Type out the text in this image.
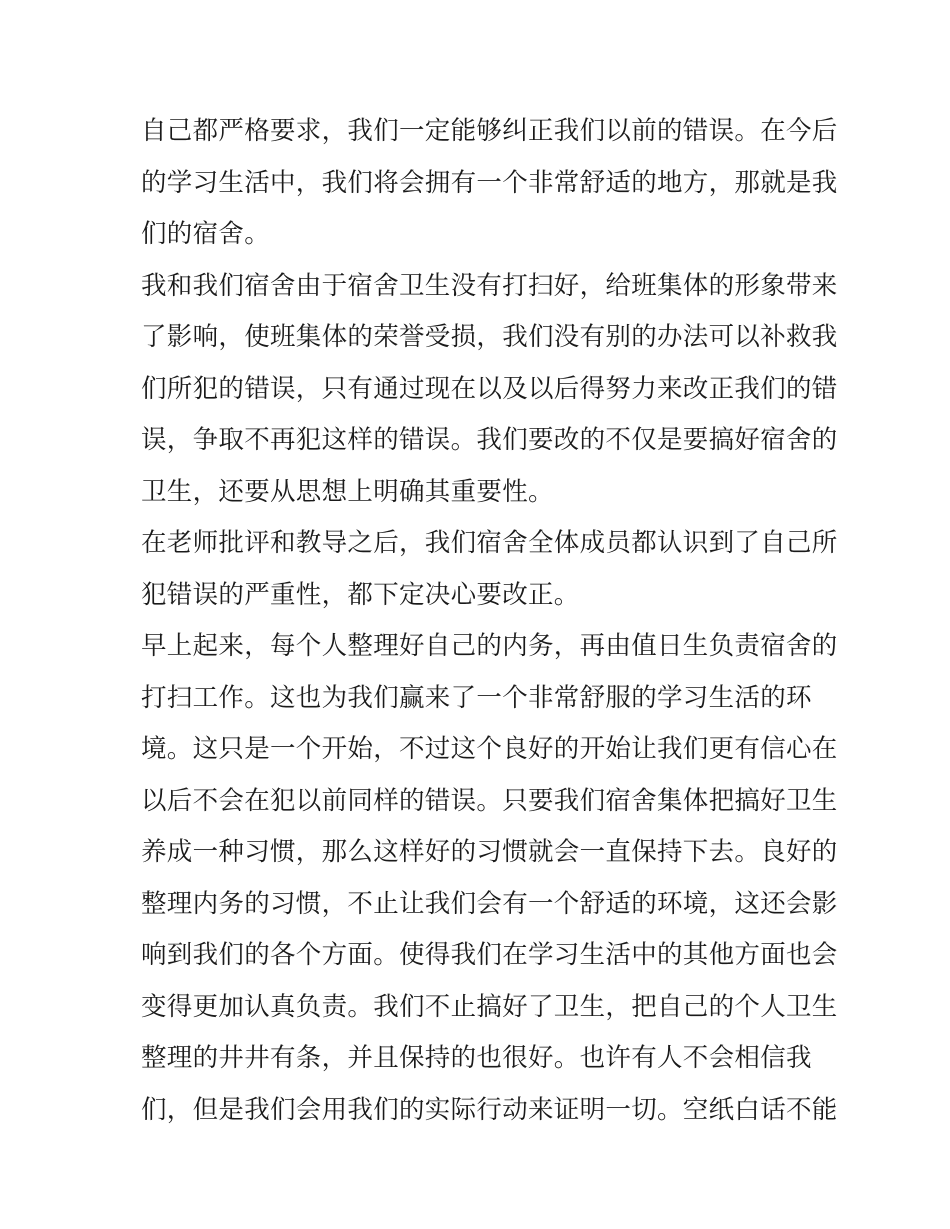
自己都严格要求，我们一定能够纠正我们以前的错误。在今后
的学习生活中，我们将会拥有一个非常舒适的地方，那就是我
们的宿舍。
我和我们宿舍由于宿舍卫生没有打扫好，给班集体的形象带来
了影响，使班集体的荣誉受损，我们没有别的办法可以补救我
们所犯的错误，只有通过现在以及以后得努力来改正我们的错
误，争取不再犯这样的错误。我们要改的不仅是要搞好宿舍的
卫生，还要从思想上明确其重要性。
在老师批评和教导之后，我们宿舍全体成员都认识到了自己所
犯错误的严重性，都下定决心要改正。
早上起来，每个人整理好自己的内务，再由值日生负责宿舍的
打扫工作。这也为我们赢来了一个非常舒服的学习生活的环
境。这只是一个开始，不过这个良好的开始让我们更有信心在
以后不会在犯以前同样的错误。只要我们宿舍集体把搞好卫生
养成一种习惯，那么这样好的习惯就会一直保持下去。良好的
整理内务的习惯，不止让我们会有一个舒适的环境，这还会影
响到我们的各个方面。使得我们在学习生活中的其他方面也会
变得更加认真负责。我们不止搞好了卫生，把自己的个人卫生
整理的井井有条，并且保持的也很好。也许有人不会相信我
们，但是我们会用我们的实际行动来证明一切。空纸白话不能
